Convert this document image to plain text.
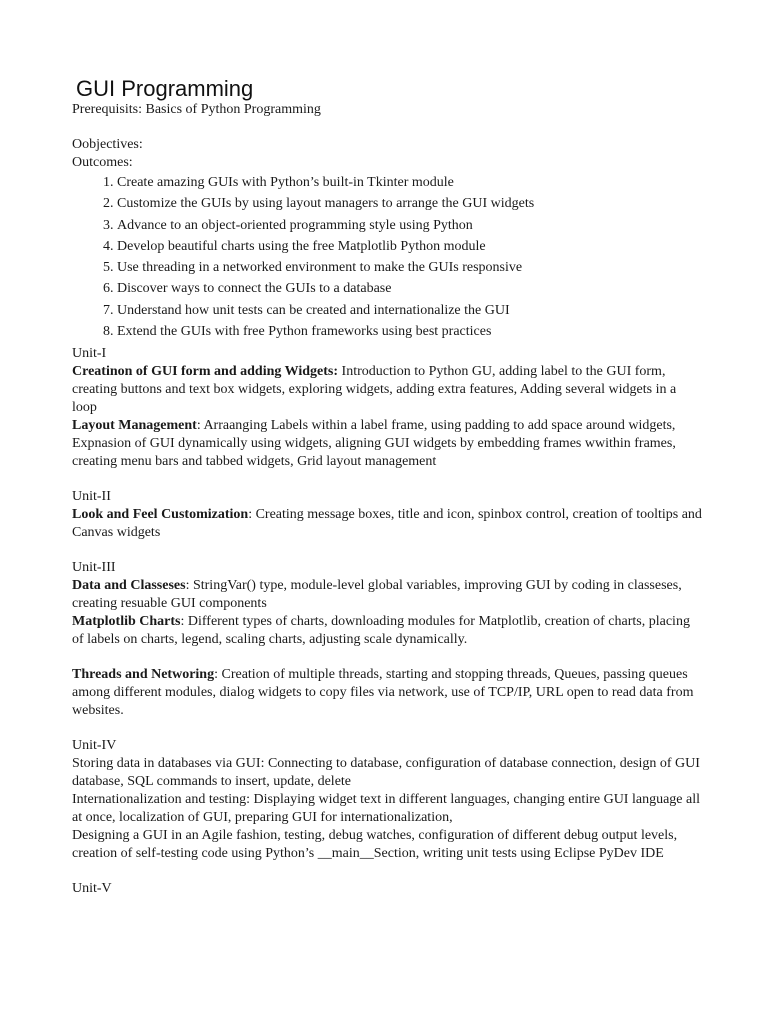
GUI Programming

Prerequisits: Basics of Python Programming

Oobjectives:

Outcomes:

1. Create amazing GUIs with Python’s built-in Tkinter module
2. Customize the GUIs by using layout managers to arrange the GUI widgets
3. Advance to an object-oriented programming style using Python
4. Develop beautiful charts using the free Matplotlib Python module
5. Use threading in a networked environment to make the GUIs responsive
6. Discover ways to connect the GUIs to a database
7. Understand how unit tests can be created and internationalize the GUI
8. Extend the GUIs with free Python frameworks using best practices

Unit-I

Creatinon of GUI form and adding Widgets: Introduction to Python GU, adding label to the GUI form, creating buttons and text box widgets, exploring widgets, adding extra features, Adding several widgets in a loop

Layout Management: Arraanging Labels within a label frame, using padding to add space around widgets, Expnasion of GUI dynamically using widgets, aligning GUI widgets by embedding frames wwithin frames, creating menu bars and tabbed widgets, Grid layout management

Unit-II

Look and Feel Customization: Creating message boxes, title and icon, spinbox control, creation of tooltips and Canvas widgets

Unit-III

Data and Classeses: StringVar() type, module-level global variables, improving GUI by coding in classeses, creating resuable GUI components

Matplotlib Charts: Different types of charts, downloading modules for Matplotlib, creation of charts, placing of labels on charts, legend, scaling charts, adjusting scale dynamically.

Threads and Networing: Creation of multiple threads, starting and stopping threads, Queues, passing queues among different modules, dialog widgets to copy files via network, use of TCP/IP, URL open to read data from websites.

Unit-IV

Storing data in databases via GUI: Connecting to database, configuration of database connection, design of GUI database, SQL commands to insert, update, delete

Internationalization and testing: Displaying widget text in different languages, changing entire GUI language all at once, localization of GUI, preparing GUI for internationalization,

Designing a GUI in an Agile fashion, testing, debug watches, configuration of different debug output levels, creation of self-testing code using Python’s __main__Section, writing unit tests using Eclipse PyDev IDE

Unit-V
